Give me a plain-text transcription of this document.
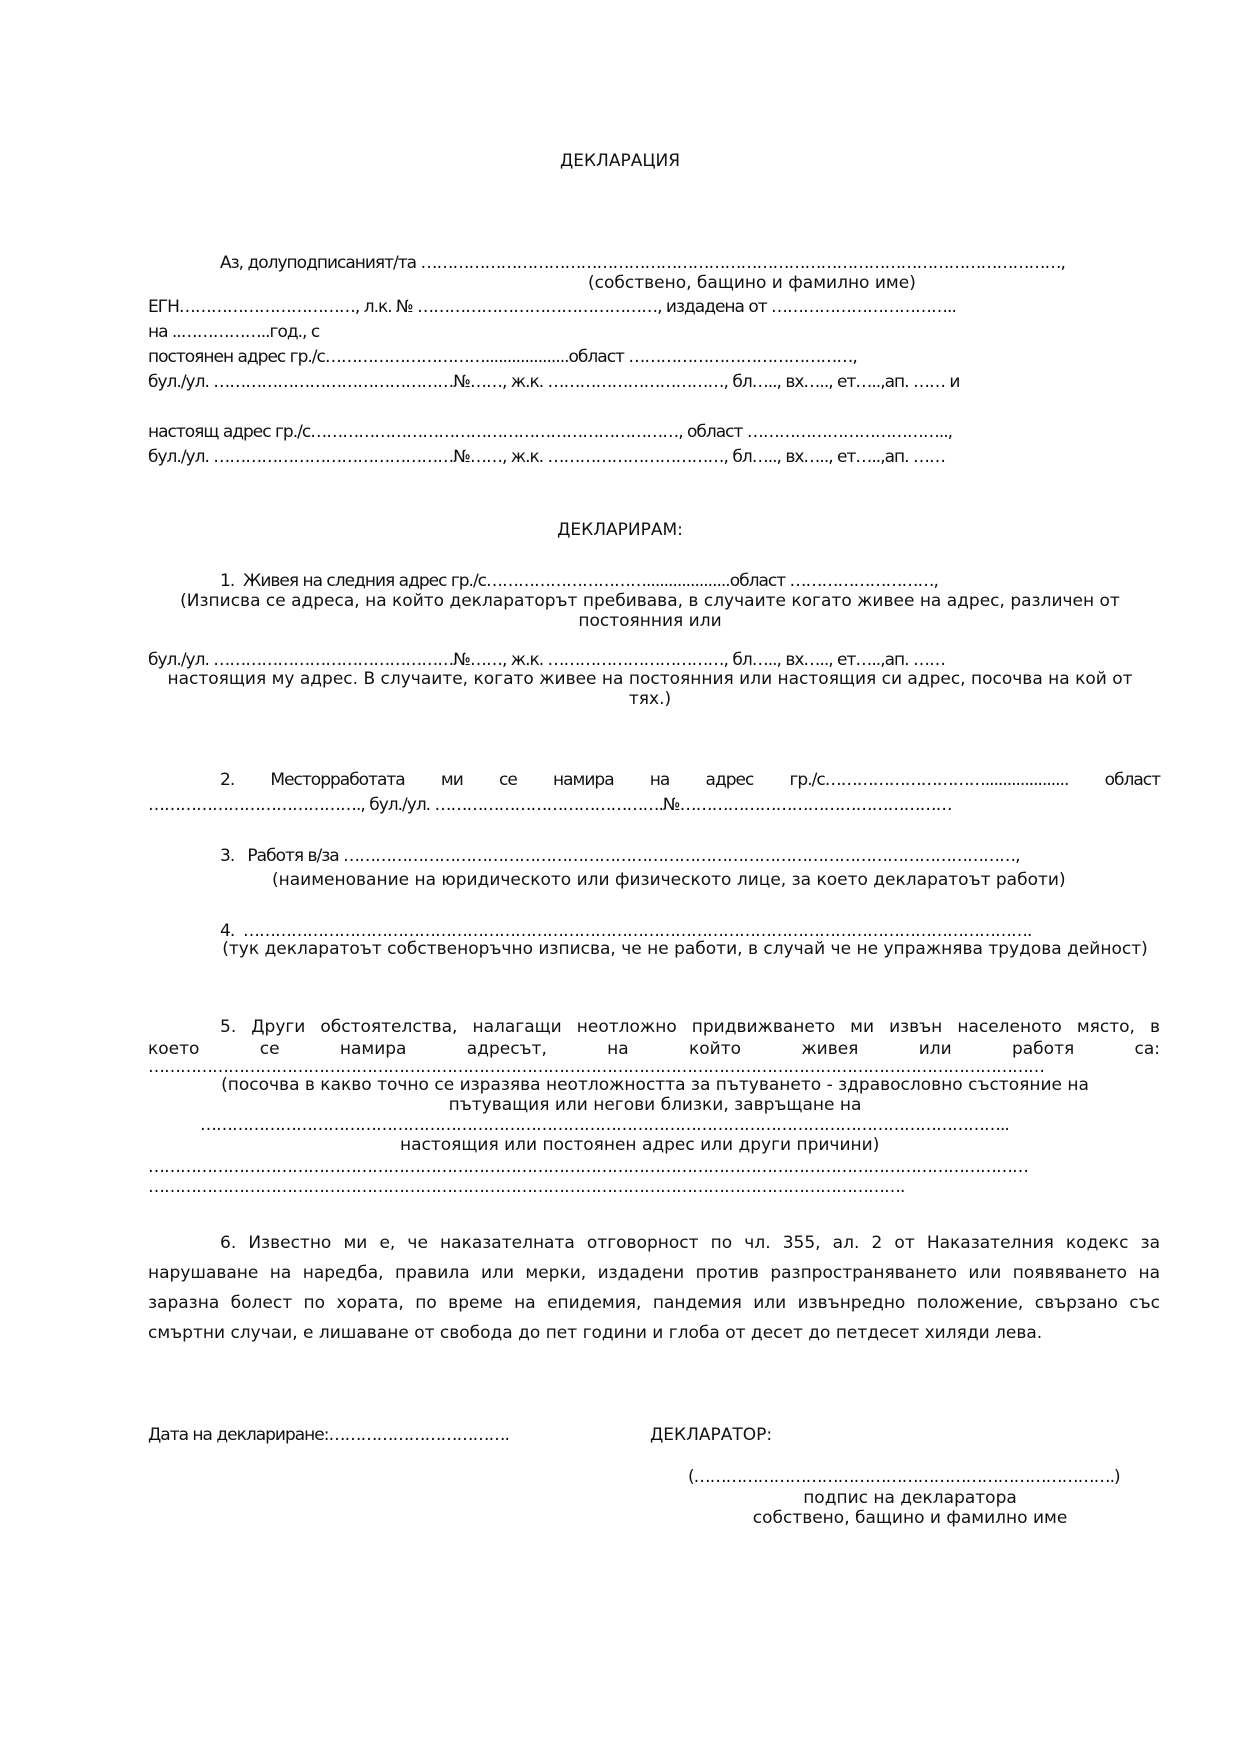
ДЕКЛАРАЦИЯ
Аз, долуподписаният/та …………………………………………………………………………………………………………,
(собствено, бащино и фамилно име)
ЕГН……………………………, л.к. № ………………………………………, издадена от ……………………………..
на ..……………..год., с
постоянен адрес гр./с…………………………...................област ……………………………………,
бул./ул. ………………………………………№……, ж.к. ……………………………, бл….., вх….., ет…..,ап. …… и
настоящ адрес гр./с……………………………………………………………, област ………………………………..,
бул./ул. ………………………………………№……, ж.к. ……………………………, бл….., вх….., ет…..,ап. ……
ДЕКЛАРИРАМ:
1.  Живея на следния адрес гр./с…………………………...................област ………………………,
(Изписва се адреса, на който деклараторът пребивава, в случаите когато живее на адрес, различен от постоянния или
бул./ул. ………………………………………№……, ж.к. ……………………………, бл….., вх….., ет…..,ап. ……
настоящия му адрес. В случаите, когато живее на постоянния или настоящия си адрес, посочва на кой от тях.)
2. Месторработата ми се намира на адрес гр./с…………………………................... област
…………………………………., бул./ул. …………………………………….№……………………………………………
3.   Работя в/за ………………………………………………………………………………………………………………,
(наименование на юридическото или физическото лице, за което декларатоът работи)
4.  ………………………………………………………………………………………………………………………………….
(тук декларатоът собственоръчно изписва, че не работи, в случай че не упражнява трудова дейност)
5. Други обстоятелства, налагащи неотложно придвижването ми извън населеното място, в
което се намира адресът, на който живея или работя са:
……………………………………………………………………………………………………………………………………………………
(посочва в какво точно се изразява неотложността за пътуването - здравословно състояние на пътуващия или негови близки, завръщане на
……………………………………………………………………………………………………………………………………..
настоящия или постоянен адрес или други причини)
…………………………………………………………………………………………………………………………………………………
…………………………………………………………………………………………………………………………….
6. Известно ми е, че наказателната отговорност по чл. 355, ал. 2 от Наказателния кодекс за нарушаване на наредба, правила или мерки, издадени против разпространяването или появяването на заразна болест по хората, по време на епидемия, пандемия или извънредно положение, свързано със смъртни случаи, е лишаване от свобода до пет години и глоба от десет до петдесет хиляди лева.
Дата на деклариране:…………………………….	ДЕКЛАРАТОР:
(…………………………………………………………………….)
подпис на декларатора
собствено, бащино и фамилно име
